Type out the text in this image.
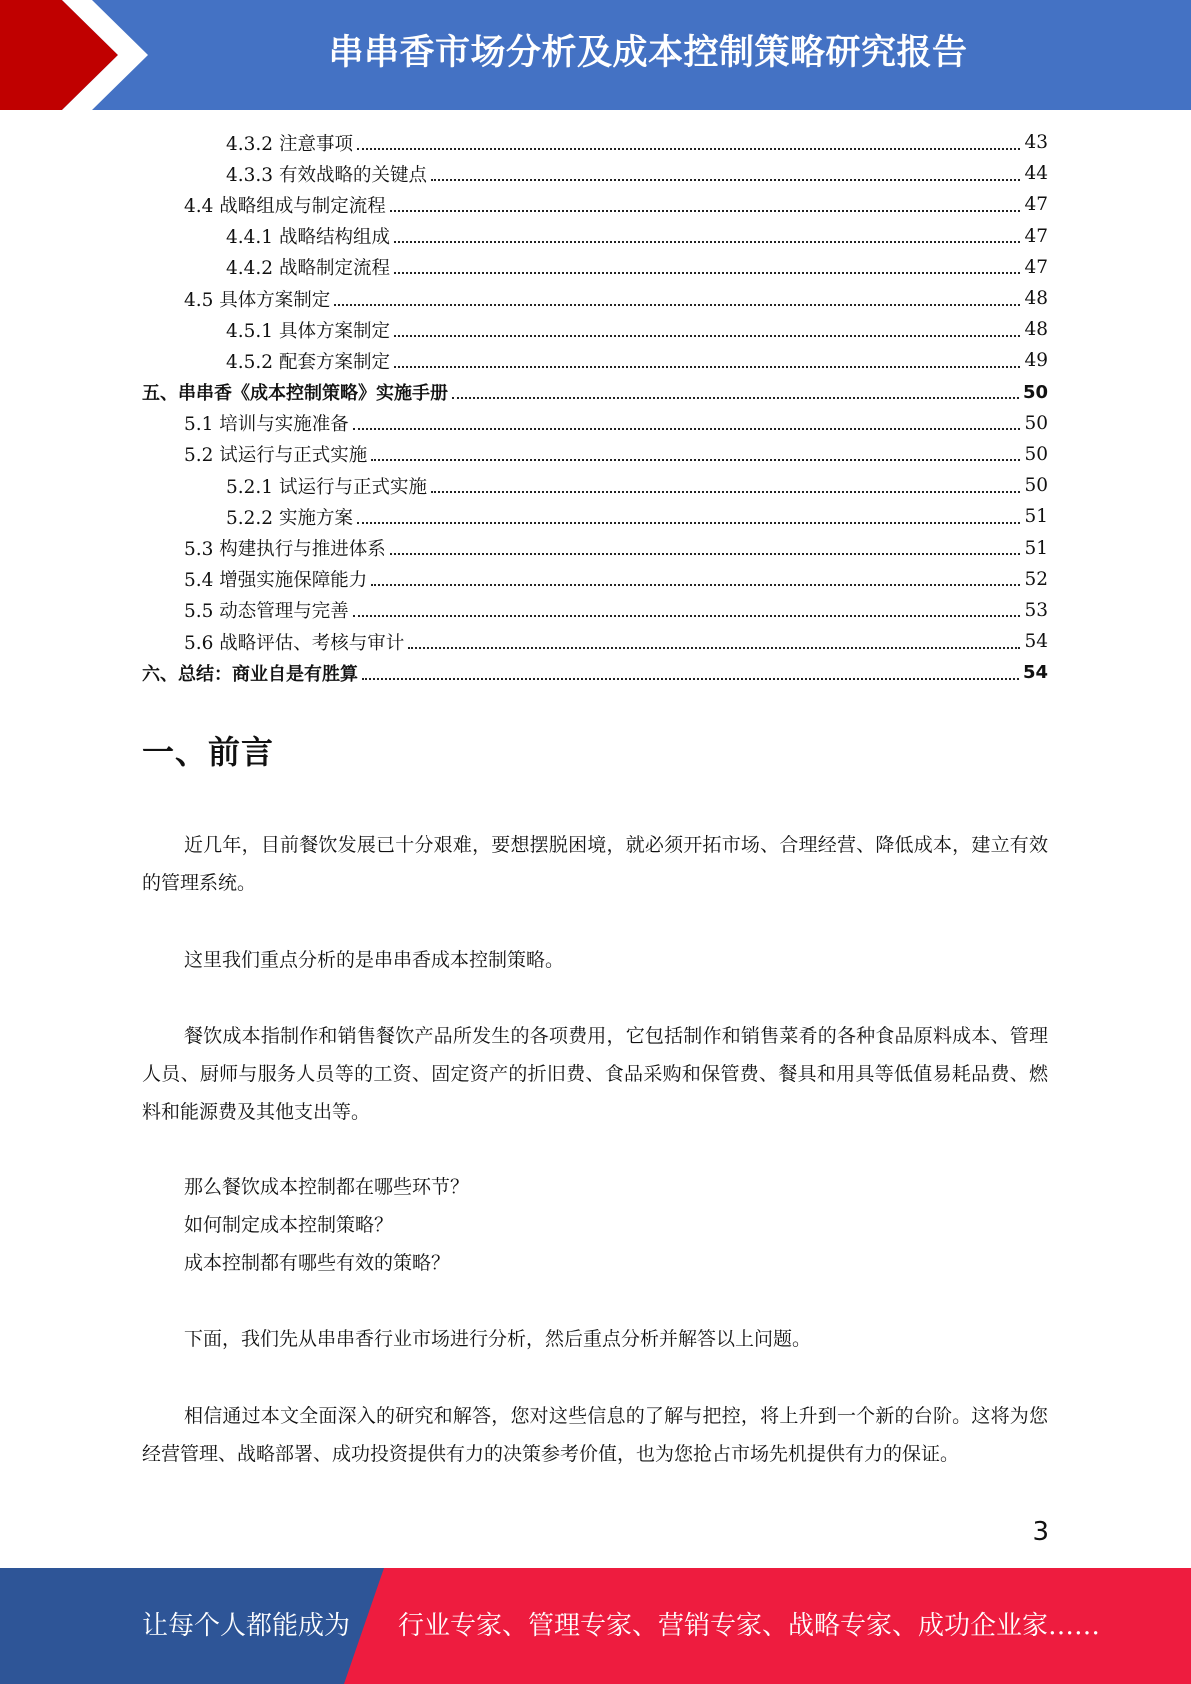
串串香市场分析及成本控制策略研究报告
4.3.2 注意事项	43
4.3.3 有效战略的关键点	44
4.4 战略组成与制定流程	47
4.4.1 战略结构组成	47
4.4.2 战略制定流程	47
4.5 具体方案制定	48
4.5.1 具体方案制定	48
4.5.2 配套方案制定	49
五、串串香《成本控制策略》实施手册	50
5.1 培训与实施准备	50
5.2 试运行与正式实施	50
5.2.1 试运行与正式实施	50
5.2.2 实施方案	51
5.3 构建执行与推进体系	51
5.4 增强实施保障能力	52
5.5 动态管理与完善	53
5.6 战略评估、考核与审计	54
六、总结：商业自是有胜算	54
一、前言
近几年，目前餐饮发展已十分艰难，要想摆脱困境，就必须开拓市场、合理经营、降低成本，建立有效的管理系统。
这里我们重点分析的是串串香成本控制策略。
餐饮成本指制作和销售餐饮产品所发生的各项费用，它包括制作和销售菜肴的各种食品原料成本、管理人员、厨师与服务人员等的工资、固定资产的折旧费、食品采购和保管费、餐具和用具等低值易耗品费、燃料和能源费及其他支出等。
那么餐饮成本控制都在哪些环节？
如何制定成本控制策略？
成本控制都有哪些有效的策略？
下面，我们先从串串香行业市场进行分析，然后重点分析并解答以上问题。
相信通过本文全面深入的研究和解答，您对这些信息的了解与把控，将上升到一个新的台阶。这将为您经营管理、战略部署、成功投资提供有力的决策参考价值，也为您抢占市场先机提供有力的保证。
3
让每个人都能成为 行业专家、管理专家、营销专家、战略专家、成功企业家……
